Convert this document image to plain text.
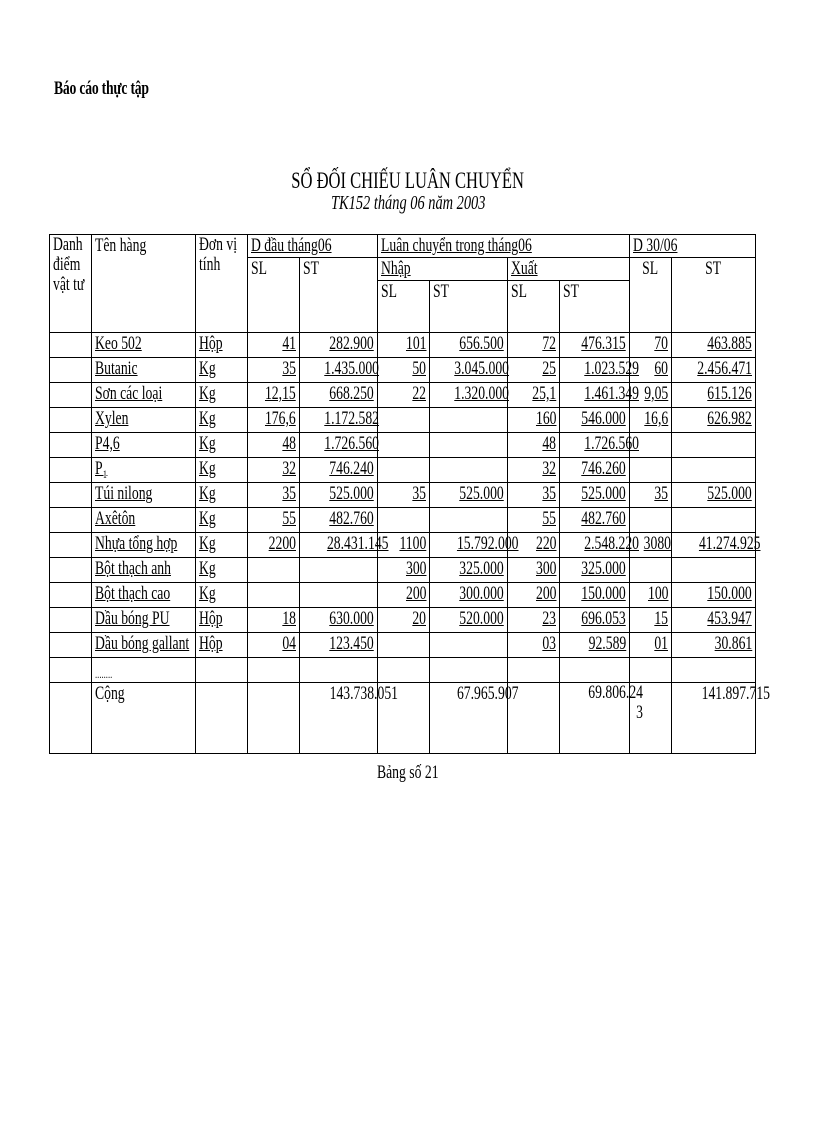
Báo cáo thực tập
SỔ ĐỐI CHIẾU LUÂN CHUYỂN
TK152 tháng 06 năm 2003
Danh điểm vật tư	Tên hàng	Đơn vị tính	D đầu tháng06		Luân chuyển trong tháng06				D 30/06	
			SL	ST	Nhập		Xuất		SL	ST
					SL	ST	SL	ST		
	Keo 502	Hộp	41	282.900	101	656.500	72	476.315	70	463.885
	Butanic	Kg	35	1.435.000	50	3.045.000	25	1.023.529	60	2.456.471
	Sơn các loại	Kg	12,15	668.250	22	1.320.000	25,1	1.461.349	9,05	615.126
	Xylen	Kg	176,6	1.172.582			160	546.000	16,6	626.982
	P4,6	Kg	48	1.726.560			48	1.726.560		
	P₁	Kg	32	746.240			32	746.260		
	Túi nilong	Kg	35	525.000	35	525.000	35	525.000	35	525.000
	Axêtôn	Kg	55	482.760			55	482.760		
	Nhựa tổng hợp	Kg	2200	28.431.145	1100	15.792.000	220	2.548.220	3080	41.274.925
	Bột thạch anh	Kg			300	325.000	300	325.000		
	Bột thạch cao	Kg			200	300.000	200	150.000	100	150.000
	Dầu bóng PU	Hộp	18	630.000	20	520.000	23	696.053	15	453.947
	Dầu bóng gallant	Hộp	04	123.450			03	92.589	01	30.861
	........									
	Cộng			143.738.051		67.965.907		69.806.243		141.897.715
Bảng số 21
